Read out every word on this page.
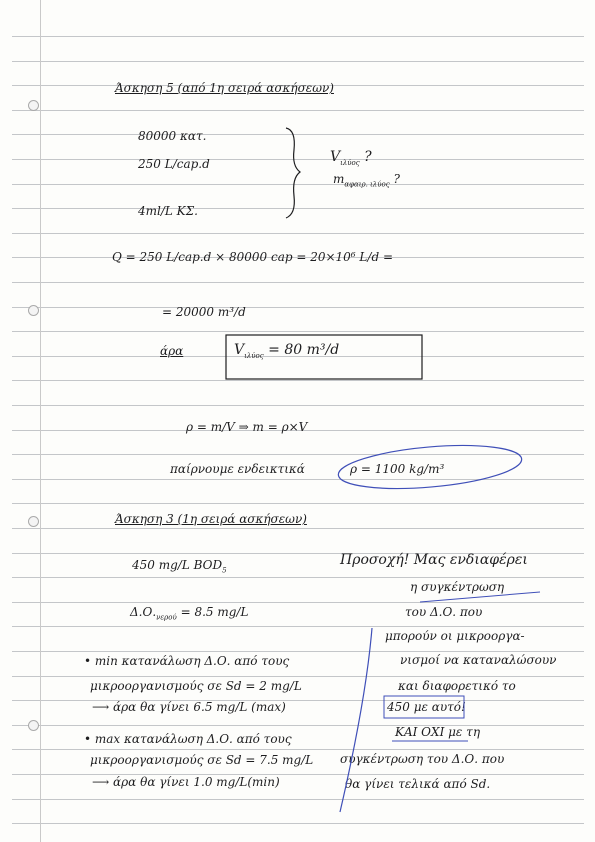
Άσκηση 5 (από 1η σειρά ασκήσεων)
80000 κατ.
250 L/cap.d
4ml/L ΚΣ.
$V_{\iota\lambda ύo\varsigma}$ ?
$m_{\alpha\varphi\alpha\iota\rho. \iota\lambda ύo\varsigma}$ ?
Q = 250 L/cap.d × 80000 cap = 20×10⁶ L/d =
= 20000 m³/d
άρα	$V_{\iota\lambda ύo\varsigma} = 80$ m³/d
ρ = m/V ⇒ m = ρ×V
παίρνουμε ενδεικτικά	ρ = 1100 kg/m³
Άσκηση 3 (1η σειρά ασκήσεων)
450 mg/L $BOD_5$
$\Delta.O._{\nu\varepsilon\rho oύ} = 8.5$ mg/L
• min κατανάλωση Δ.Ο. από τους
μικροοργανισμούς σε Sd = 2 mg/L
⟶ άρα θα γίνει 6.5 mg/L (max)
• max κατανάλωση Δ.Ο. από τους
μικροοργανισμούς σε Sd = 7.5 mg/L
⟶ άρα θα γίνει 1.0 mg/L(min)
Προσοχή! Μας ενδιαφέρει
η συγκέντρωση
του Δ.Ο. που
μπορούν οι μικροοργα-
νισμοί να καταναλώσουν
και διαφορετικό το
450 με αυτό!
ΚΑΙ ΟΧΙ με τη
συγκέντρωση του Δ.Ο. που
θα γίνει τελικά από Sd.
